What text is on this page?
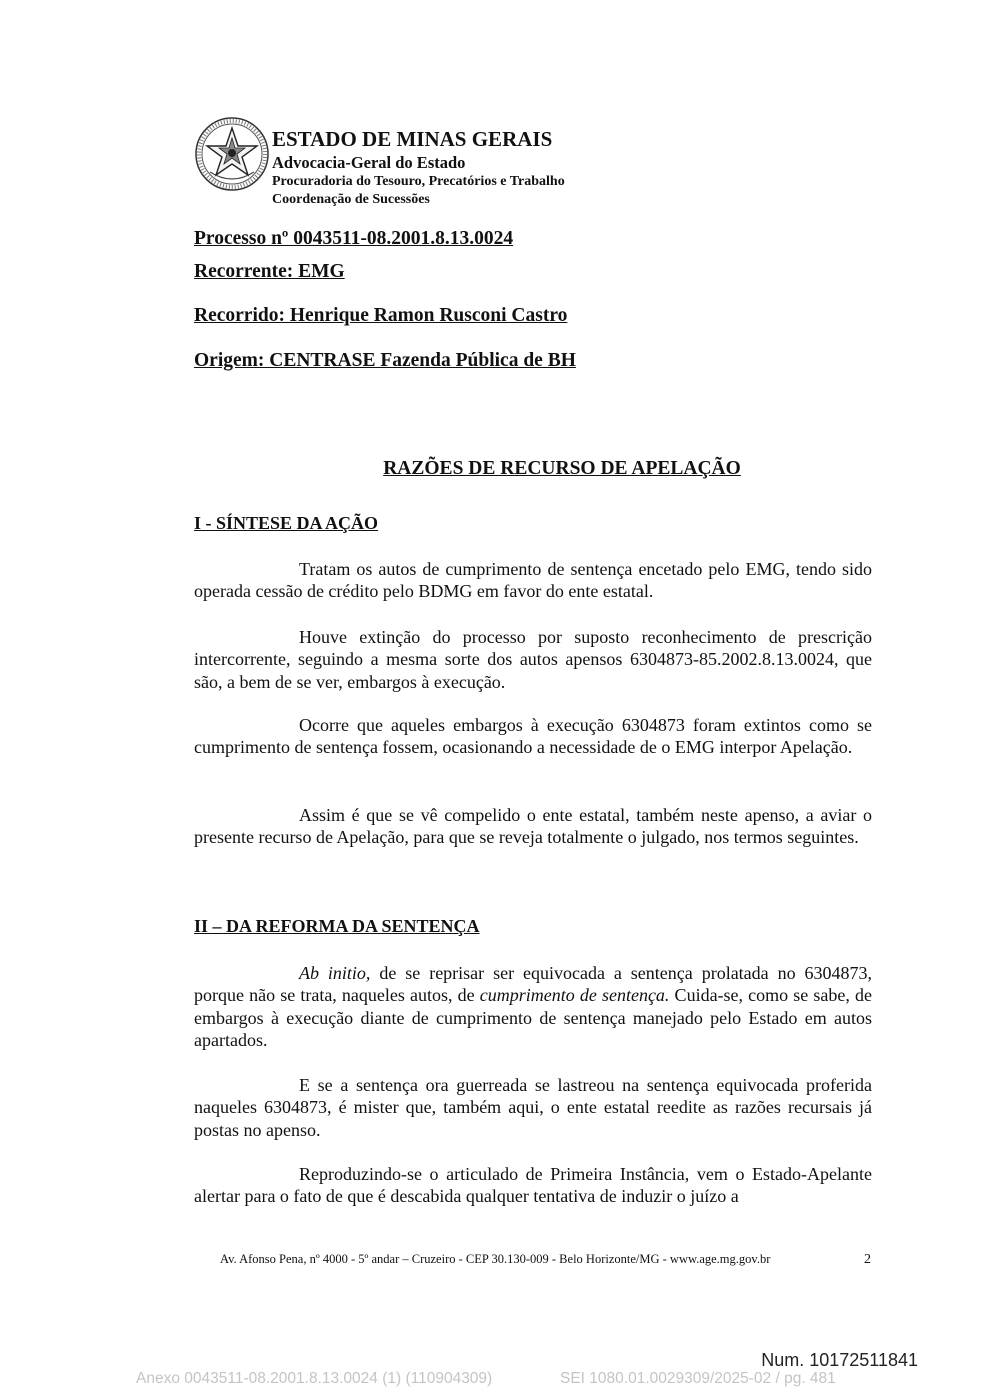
ESTADO DE MINAS GERAIS
Advocacia-Geral do Estado
Procuradoria do Tesouro, Precatórios e Trabalho
Coordenação de Sucessões
Processo nº 0043511-08.2001.8.13.0024
Recorrente: EMG
Recorrido: Henrique Ramon Rusconi Castro
Origem: CENTRASE Fazenda Pública de BH
RAZÕES DE RECURSO DE APELAÇÃO
I - SÍNTESE DA AÇÃO
Tratam os autos de cumprimento de sentença encetado pelo EMG, tendo sido operada cessão de crédito pelo BDMG em favor do ente estatal.
Houve extinção do processo por suposto reconhecimento de prescrição intercorrente, seguindo a mesma sorte dos autos apensos 6304873-85.2002.8.13.0024, que são, a bem de se ver, embargos à execução.
Ocorre que aqueles embargos à execução 6304873 foram extintos como se cumprimento de sentença fossem, ocasionando a necessidade de o EMG interpor Apelação.
Assim é que se vê compelido o ente estatal, também neste apenso, a aviar o presente recurso de Apelação, para que se reveja totalmente o julgado, nos termos seguintes.
II – DA REFORMA DA SENTENÇA
Ab initio, de se reprisar ser equivocada a sentença prolatada no 6304873, porque não se trata, naqueles autos, de cumprimento de sentença. Cuida-se, como se sabe, de embargos à execução diante de cumprimento de sentença manejado pelo Estado em autos apartados.
E se a sentença ora guerreada se lastreou na sentença equivocada proferida naqueles 6304873, é mister que, também aqui, o ente estatal reedite as razões recursais já postas no apenso.
Reproduzindo-se o articulado de Primeira Instância, vem o Estado-Apelante alertar para o fato de que é descabida qualquer tentativa de induzir o juízo a
Av. Afonso Pena, nº 4000 - 5º andar – Cruzeiro - CEP 30.130-009 - Belo Horizonte/MG - www.age.mg.gov.br	2
Num. 10172511841
Anexo 0043511-08.2001.8.13.0024 (1) (110904309)	SEI 1080.01.0029309/2025-02 / pg. 481
